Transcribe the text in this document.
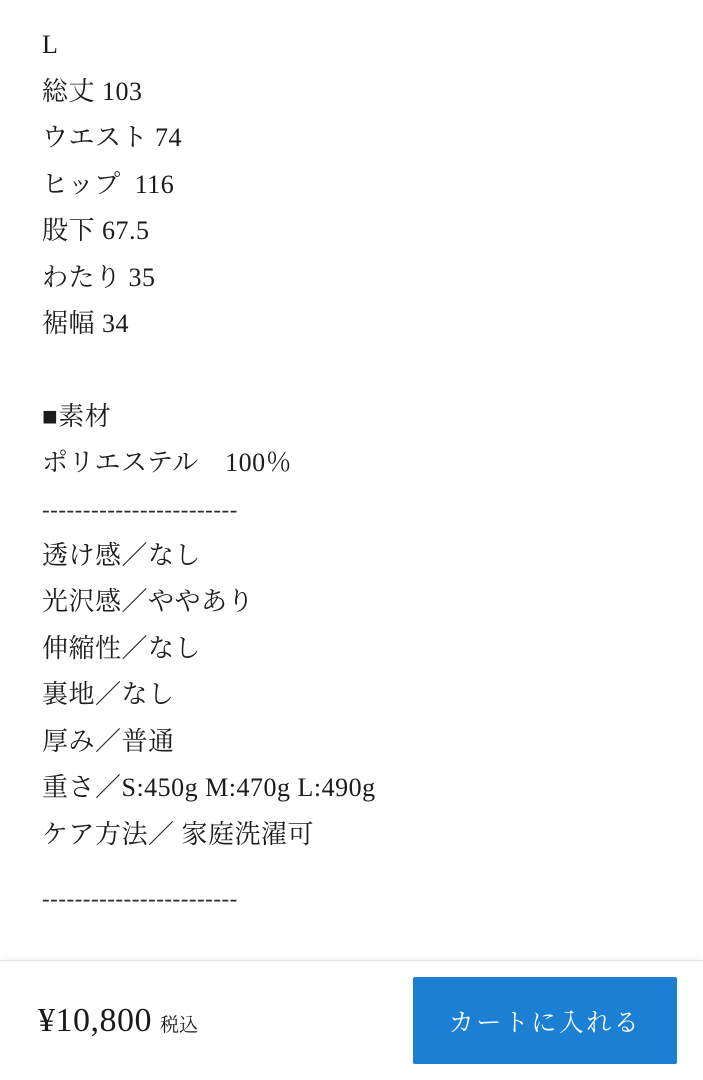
L
総丈 103
ウエスト 74
ヒップ  116
股下 67.5
わたり 35
裾幅 34
■素材
ポリエステル　100％
------------------------
透け感／なし
光沢感／ややあり
伸縮性／なし
裏地／なし
厚み／普通
重さ／S:450g M:470g L:490g
ケア方法／ 家庭洗濯可
------------------------
¥10,800 税込	カートに入れる
